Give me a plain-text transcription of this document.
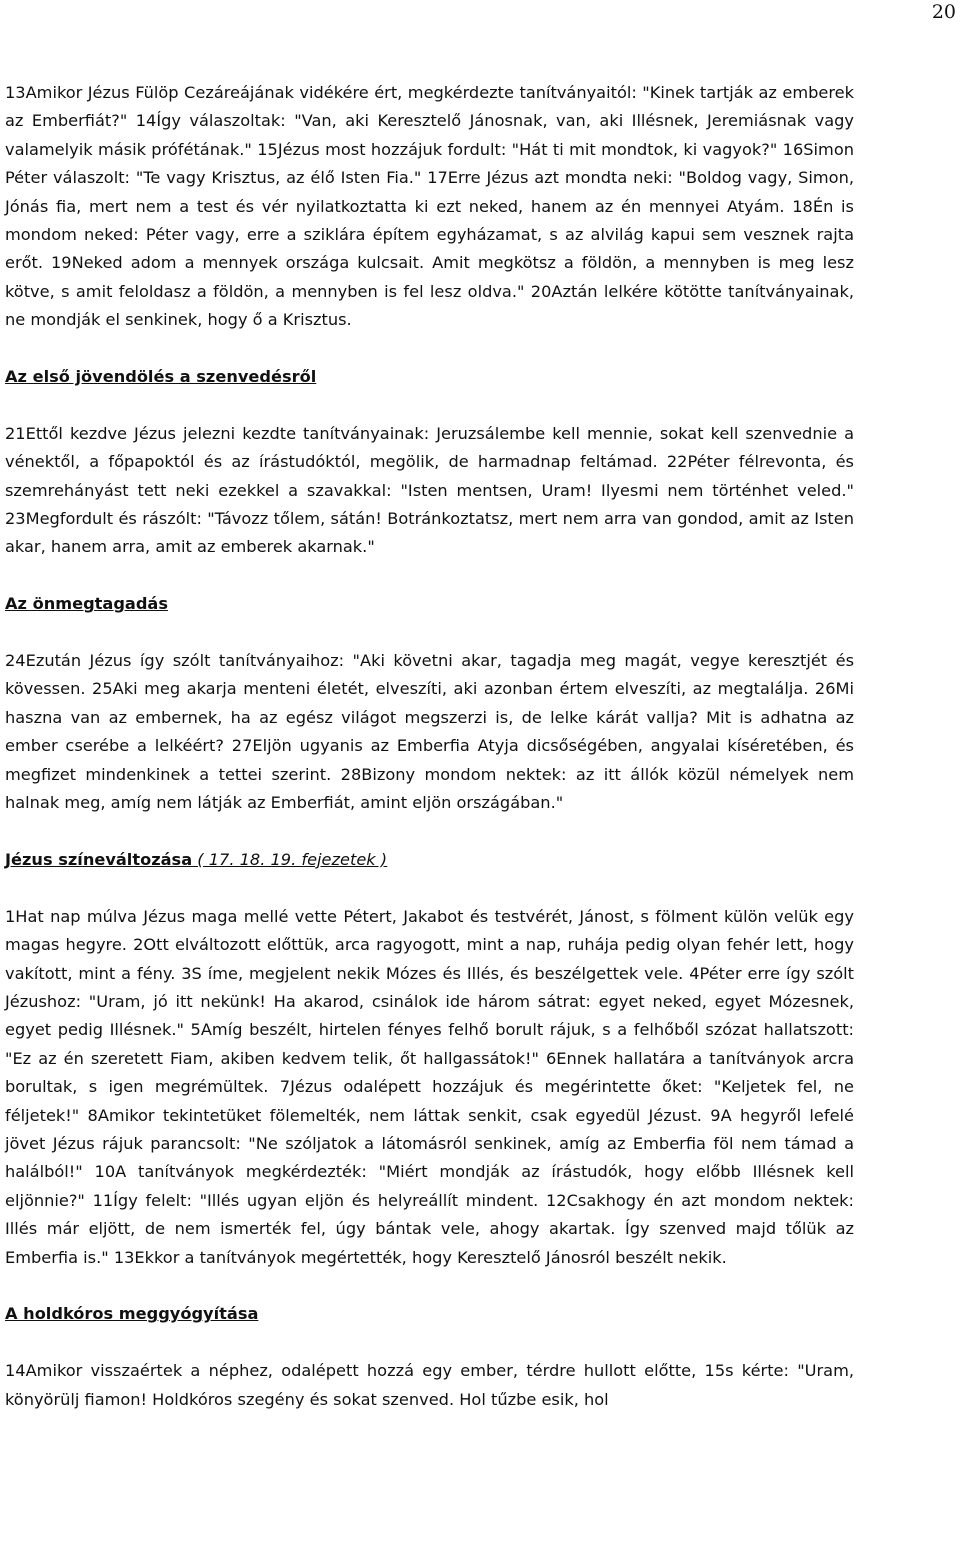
20

13Amikor Jézus Fülöp Cezáreájának vidékére ért, megkérdezte tanítványaitól: "Kinek tartják az emberek az Emberfiát?" 14Így válaszoltak: "Van, aki Keresztelő Jánosnak, van, aki Illésnek, Jeremiásnak vagy valamelyik másik prófétának." 15Jézus most hozzájuk fordult: "Hát ti mit mondtok, ki vagyok?" 16Simon Péter válaszolt: "Te vagy Krisztus, az élő Isten Fia." 17Erre Jézus azt mondta neki: "Boldog vagy, Simon, Jónás fia, mert nem a test és vér nyilatkoztatta ki ezt neked, hanem az én mennyei Atyám. 18Én is mondom neked: Péter vagy, erre a sziklára építem egyházamat, s az alvilág kapui sem vesznek rajta erőt. 19Neked adom a mennyek országa kulcsait. Amit megkötsz a földön, a mennyben is meg lesz kötve, s amit feloldasz a földön, a mennyben is fel lesz oldva." 20Aztán lelkére kötötte tanítványainak, ne mondják el senkinek, hogy ő a Krisztus.

Az első jövendölés a szenvedésről

21Ettől kezdve Jézus jelezni kezdte tanítványainak: Jeruzsálembe kell mennie, sokat kell szenvednie a vénektől, a főpapoktól és az írástudóktól, megölik, de harmadnap feltámad. 22Péter félrevonta, és szemrehányást tett neki ezekkel a szavakkal: "Isten mentsen, Uram! Ilyesmi nem történhet veled." 23Megfordult és rászólt: "Távozz tőlem, sátán! Botránkoztatsz, mert nem arra van gondod, amit az Isten akar, hanem arra, amit az emberek akarnak."

Az önmegtagadás

24Ezután Jézus így szólt tanítványaihoz: "Aki követni akar, tagadja meg magát, vegye keresztjét és kövessen. 25Aki meg akarja menteni életét, elveszíti, aki azonban értem elveszíti, az megtalálja. 26Mi haszna van az embernek, ha az egész világot megszerzi is, de lelke kárát vallja? Mit is adhatna az ember cserébe a lelkéért? 27Eljön ugyanis az Emberfia Atyja dicsőségében, angyalai kíséretében, és megfizet mindenkinek a tettei szerint. 28Bizony mondom nektek: az itt állók közül némelyek nem halnak meg, amíg nem látják az Emberfiát, amint eljön országában."

Jézus színeváltozása ( 17. 18. 19. fejezetek )

1Hat nap múlva Jézus maga mellé vette Pétert, Jakabot és testvérét, Jánost, s fölment külön velük egy magas hegyre. 2Ott elváltozott előttük, arca ragyogott, mint a nap, ruhája pedig olyan fehér lett, hogy vakított, mint a fény. 3S íme, megjelent nekik Mózes és Illés, és beszélgettek vele. 4Péter erre így szólt Jézushoz: "Uram, jó itt nekünk! Ha akarod, csinálok ide három sátrat: egyet neked, egyet Mózesnek, egyet pedig Illésnek." 5Amíg beszélt, hirtelen fényes felhő borult rájuk, s a felhőből szózat hallatszott: "Ez az én szeretett Fiam, akiben kedvem telik, őt hallgassátok!" 6Ennek hallatára a tanítványok arcra borultak, s igen megrémültek. 7Jézus odalépett hozzájuk és megérintette őket: "Keljetek fel, ne féljetek!" 8Amikor tekintetüket fölemelték, nem láttak senkit, csak egyedül Jézust. 9A hegyről lefelé jövet Jézus rájuk parancsolt: "Ne szóljatok a látomásról senkinek, amíg az Emberfia föl nem támad a halálból!" 10A tanítványok megkérdezték: "Miért mondják az írástudók, hogy előbb Illésnek kell eljönnie?" 11Így felelt: "Illés ugyan eljön és helyreállít mindent. 12Csakhogy én azt mondom nektek: Illés már eljött, de nem ismerték fel, úgy bántak vele, ahogy akartak. Így szenved majd tőlük az Emberfia is." 13Ekkor a tanítványok megértették, hogy Keresztelő Jánosról beszélt nekik.

A holdkóros meggyógyítása

14Amikor visszaértek a néphez, odalépett hozzá egy ember, térdre hullott előtte, 15s kérte: "Uram, könyörülj fiamon! Holdkóros szegény és sokat szenved. Hol tűzbe esik, hol
